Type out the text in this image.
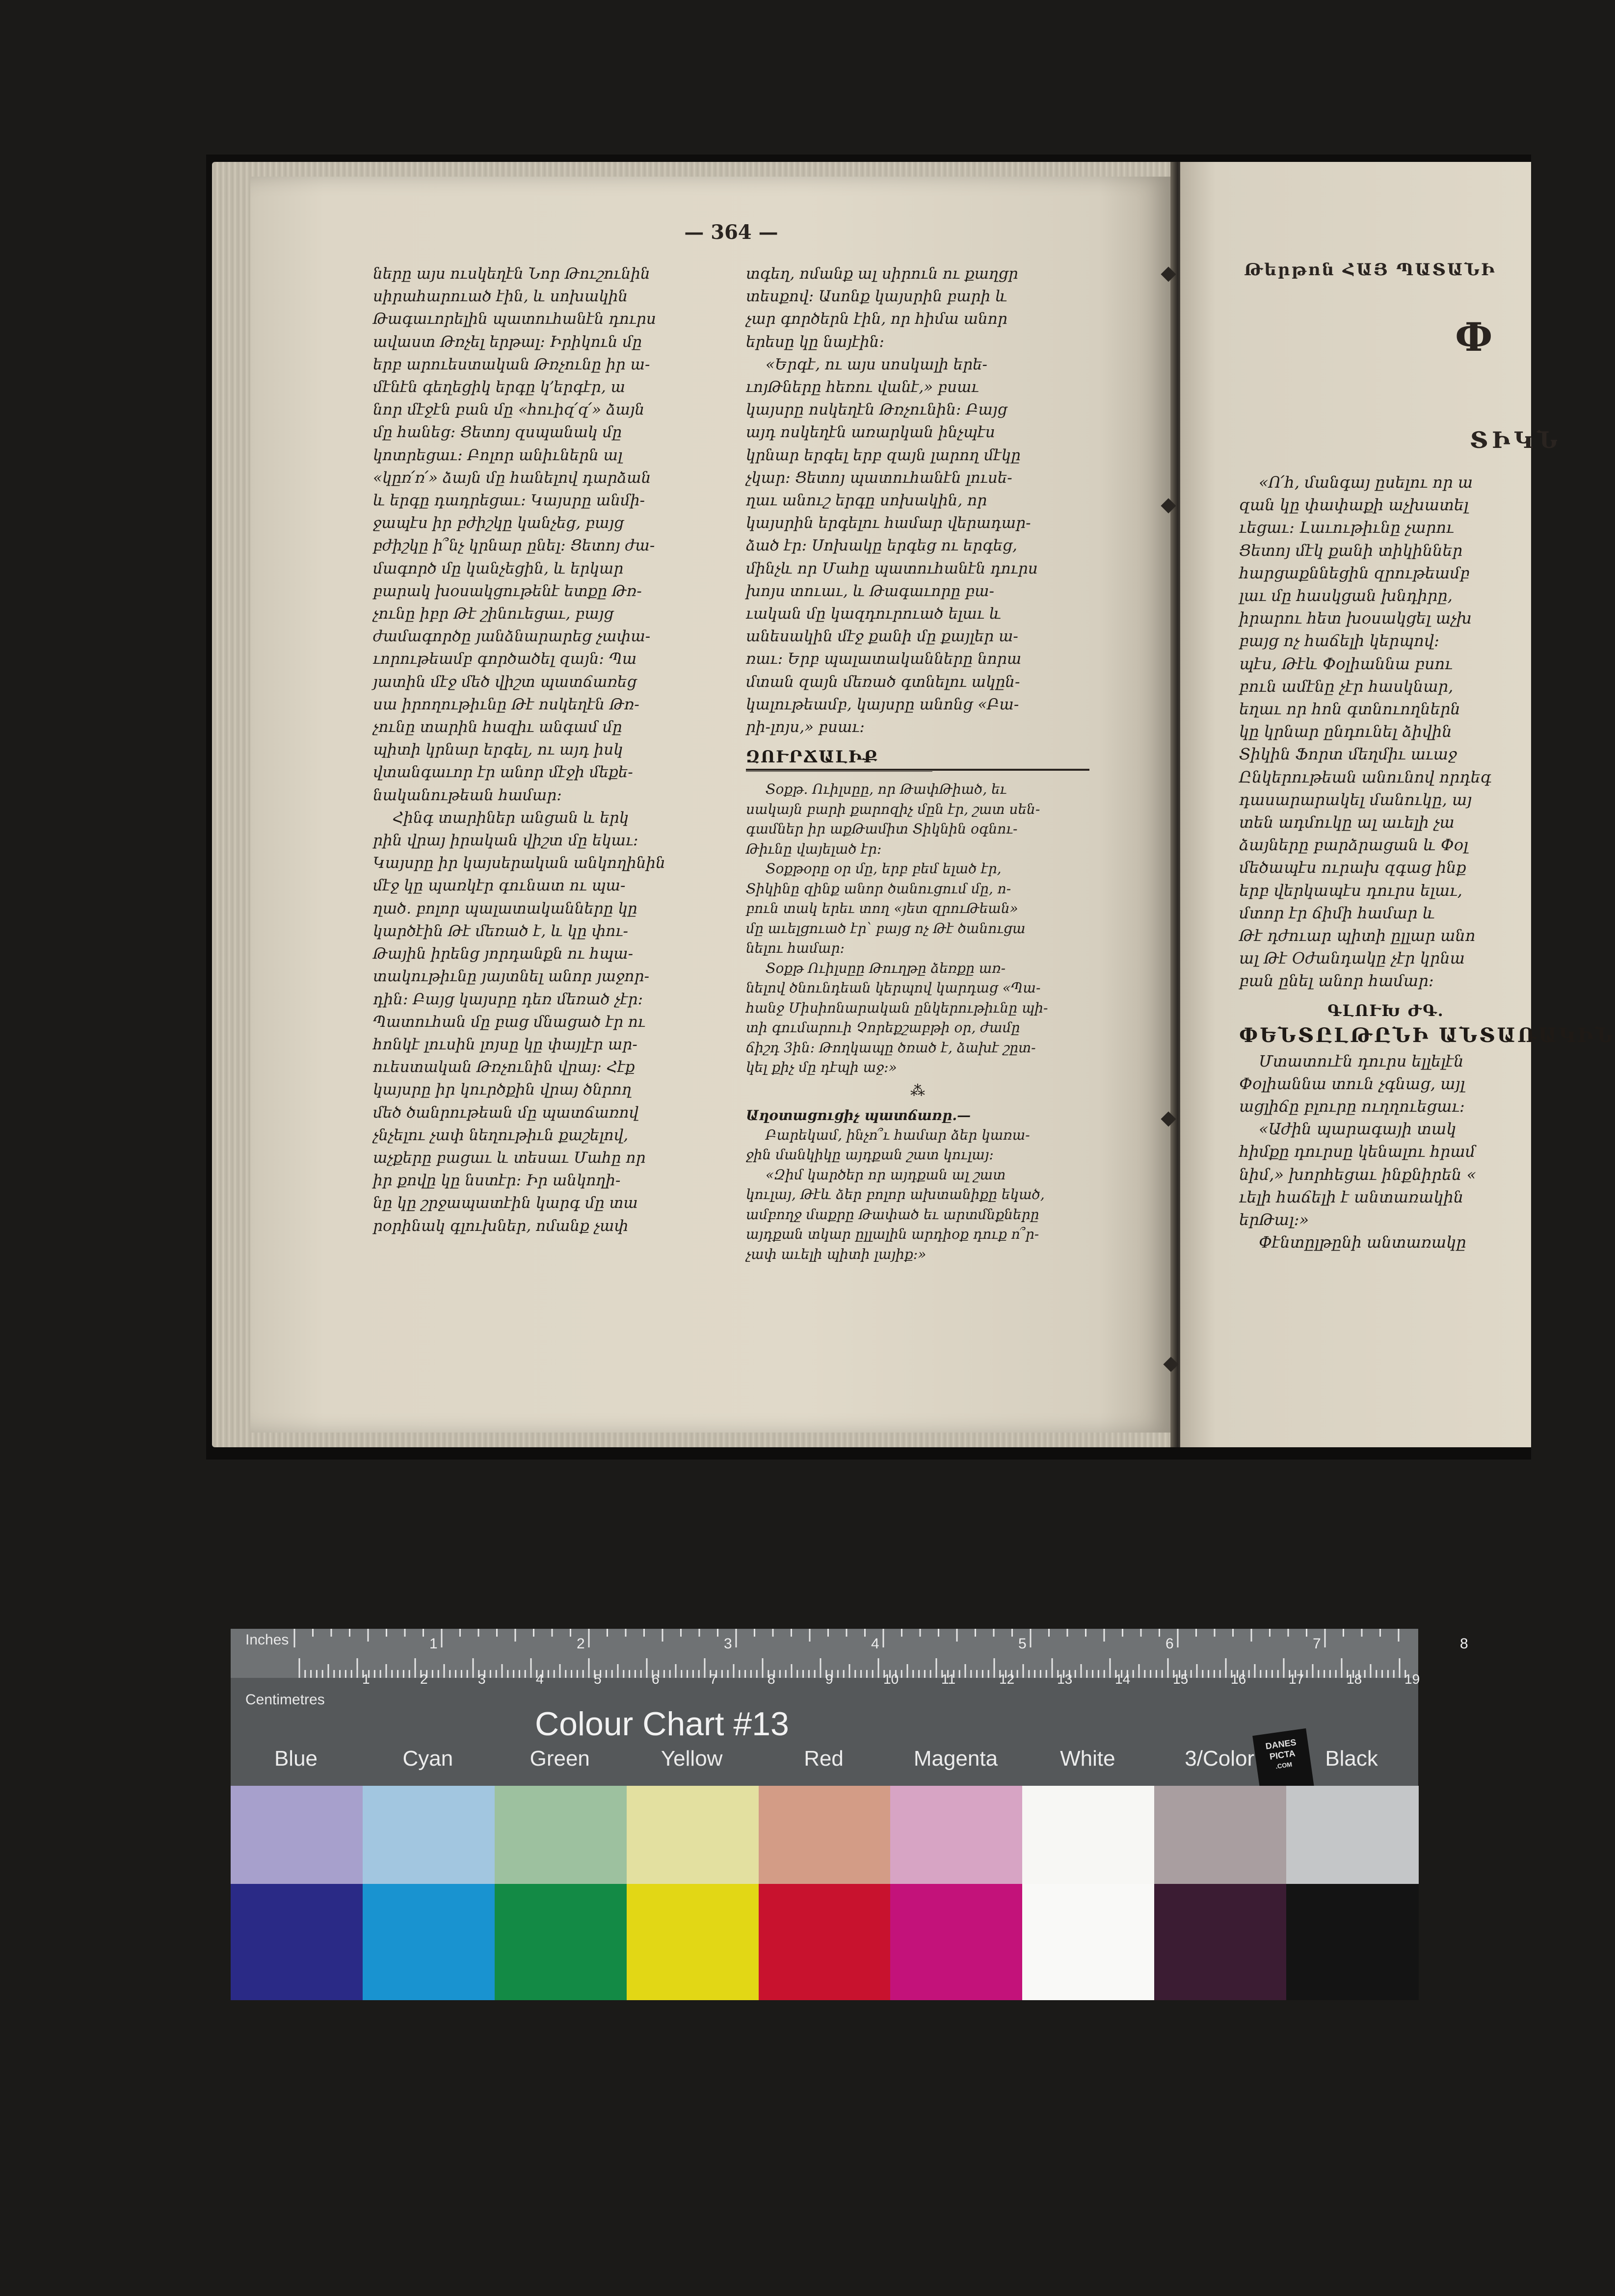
— 364 —

ները այս ուսկեղէն Նոր Թուշունին

սիրահարուած էին, և սոխակին

Թագաւորելին պատուհանէն դուրս

ավաստ Թռչել երթալ։ Իրիկուն մը

երբ արուեստական Թռչունը իր ա-

մէնէն գեղեցիկ երգը կ՚երգէր, ա

նոր մէջէն բան մը «հուիզ՛զ՛» ձայն

մը հանեց։ Ցետոյ զսպանակ մը

կոտրեցաւ։ Բոլոր անիւներն ալ

«կըռ՛ռ՛» ձայն մը հանելով դարձան

և երգը դադրեցաւ։ Կայսրը անմի-

ջապէս իր բժիշկը կանչեց, բայց

բժիշկը ի՞նչ կրնար ընել։ Ցետոյ ժա-

մագործ մը կանչեցին, և երկար

բարակ խօսակցութենէ ետքը Թռ-

չունը իբր Թէ շինուեցաւ, բայց

ժամագործը յանձնարարեց չափա-

ւորութեամբ գործածել զայն։ Պա

յատին մէջ մեծ վիշտ պատճառեց

սա իրողութիւնը Թէ ոսկեղէն Թռ-

չունը տարին հազիւ անգամ մը

պիտի կրնար երգել, ու այդ իսկ

վտանգաւոր էր անոր մէջի մեքե-

նականութեան համար։

Հինգ տարիներ անցան և երկ

րին վրայ իրական վիշտ մը եկաւ։

Կայսրը իր կայսերական անկողինին

մէջ կը պառկէր գունատ ու պա-

ղած. բոլոր պալատականները կը

կարծէին Թէ մեռած է, և կը փու-

Թային իրենց յորդանքն ու հպա-

տակութիւնը յայտնել անոր յաջոր-

դին։ Բայց կայսրը դեռ մեռած չէր։

Պատուհան մը բաց մնացած էր ու

հոնկէ լուսին լոյսը կը փայլէր ար-

ուեստական Թռչունին վրայ։ Հէք

կայսրը իր կուրծքին վրայ ծնրող

մեծ ծանրութեան մը պատճառով

չնչելու չափ նեղութիւն քաշելով,

աչքերը բացաւ և տեսաւ Մահը որ

իր քովը կը նստէր։ Իր անկողի-

նը կը շրջապատէին կարգ մը տա

րօրինակ գլուխներ, ոմանք չափ

տգեղ, ոմանք ալ սիրուն ու քաղցր

տեսքով։ Ասոնք կայսրին բարի և

չար գործերն էին, որ հիմա անոր

երեսը կը նայէին։

«Երգէ, ու այս սոսկալի երե-

ւոյԹները հեռու վանէ,» բսաւ

կայսրը ոսկեղէն Թռչունին։ Բայց

այդ ոսկեղէն առարկան ինչպէս

կրնար երգել երբ զայն լարող մէկը

չկար։ Ցետոյ պատուհանէն լուսե-

ղաւ անուշ երգը սոխակին, որ

կայսրին երգելու համար վերադար-

ձած էր։ Սոխակը երգեց ու երգեց,

մինչև որ Մահը պատուհանէն դուրս

խոյս տուաւ, և Թագաւորը բա-

ւական մը կազդուրուած ելաւ և

անեսակին մէջ քանի մը քայլեր ա-

ռաւ։ Երբ պալատականները նորա

մտան զայն մեռած գտնելու ակըն-

կալութեամբ, կայսրը անոնց «Բա-

րի-լոյս,» բսաւ։

ԶՈՒՐՃԱԼԻՔ

Տօքթ. Ուիլսըը, որ ԹափԹիած, եւ

սակայն բարի քարոզիչ մըն էր, շատ սեն-

գամներ իր աքԹամիտ Տիկնին օգնու-

Թիւնը վայելած էր։

Տօքթօրը օր մը, երբ բեմ ելած էր,

Տիկինը զինք անոր ծանուցում մը, ո-

բուն տակ երեւ տող «յետ զրուԹեան»

մը աւելցուած էր՝ բայց ոչ Թէ ծանուցա

նելու համար։

Տօքթ Ուիլսըը Թուղթը ձեռքը առ-

նելով ծնունդեան կերպով կարդաց «Պա-

հանջ Միսիոնարական ընկերութիւնը պի-

տի գումարուի Չորեքշաբթի օր, ժամը

ճիշդ 3ին։ Թողկապը ծռած է, ձախէ շըտ-

կել քիչ մը դէպի աջ։»

⁂
Աղօտացուցիչ պատճառը.—

Բարեկամ, ինչո՞ւ համար ձեր կառա-

ջին մանկիկը այդքան շատ կուլայ։

«Զիմ կարծեր որ այդքան ալ շատ

կուլայ, Թէև ձեր բոլոր ախտանիքը եկած,

ամբողջ մաքրը Թափած եւ արտմնքները

այդքան տկար ըլլալին արդիօք դուք ո՞ր-

չափ աւելի պիտի լայիք։»

Թերթոն ՀԱՅ ՊԱՏԱՆԻ
Փ
ՏԻԿՆ

«Ո՛հ, մանգայ ըսելու որ ա

զան կը փափաքի աչխատել

ւեցաւ։ Լաւութիւնը չարու

Ցետոյ մէկ քանի տիկիններ

հարցաքննեցին զրութեամբ

լաւ մը հասկցան խնդիրը,

իրարու հետ խօսակցել աչխ

բայց ոչ հաճելի կերպով։

պէս, Թէև Փօլիաննա բսու

բուն ամէնը չէր հասկնար,

եղաւ որ հոն գտնուողներն

կը կրնար ընդունել ձիվին

Տիկին Ֆորտ մեղմիւ աւաջ

Ընկերութեան անունով որդեգ

դասարարակել մանուկը, այ

տեն ադմուկը ալ աւելի չա

ձայները բարձրացան և Փօլ

մեծապէս ուրախ զգաց ինք

երբ վերկապէս դուրս ելաւ,

մտոր էր ճիմի համար և

Թէ դժուար պիտի ըլլար անո

ալ Թէ Օժանդակը չէր կրնա

բան ընել անոր համար։

ԳԼՈՒԽ ԺԳ.
ՓԵՆՏԸԼԹԸՆԻ ԱՆՏԱՌԱԿԻՆ

Մտատուէն դուրս ելլելէն

Փօլիաննա տուն չգնաց, այլ

ացլիճը բլուրը ուղղուեցաւ։

«Աժին պարագայի տակ

հիմքը դուրսը կենալու հրամ

նիմ,» խորհեցաւ ինքնիրեն «

ւելի հաճելի է անտառակին

երԹալ։»

Փէնտըլթընի անտառակը

1	2	3	4	5	6	7	8
1	2	3	4	5	6	7	8	9	10	11	12	13	14	15	16	17	18	19
Inches
Centimetres
Colour Chart #13
DANES
PICTA
.COM
Blue	Cyan	Green	Yellow	Red	Magenta	White	3/Color	Black
